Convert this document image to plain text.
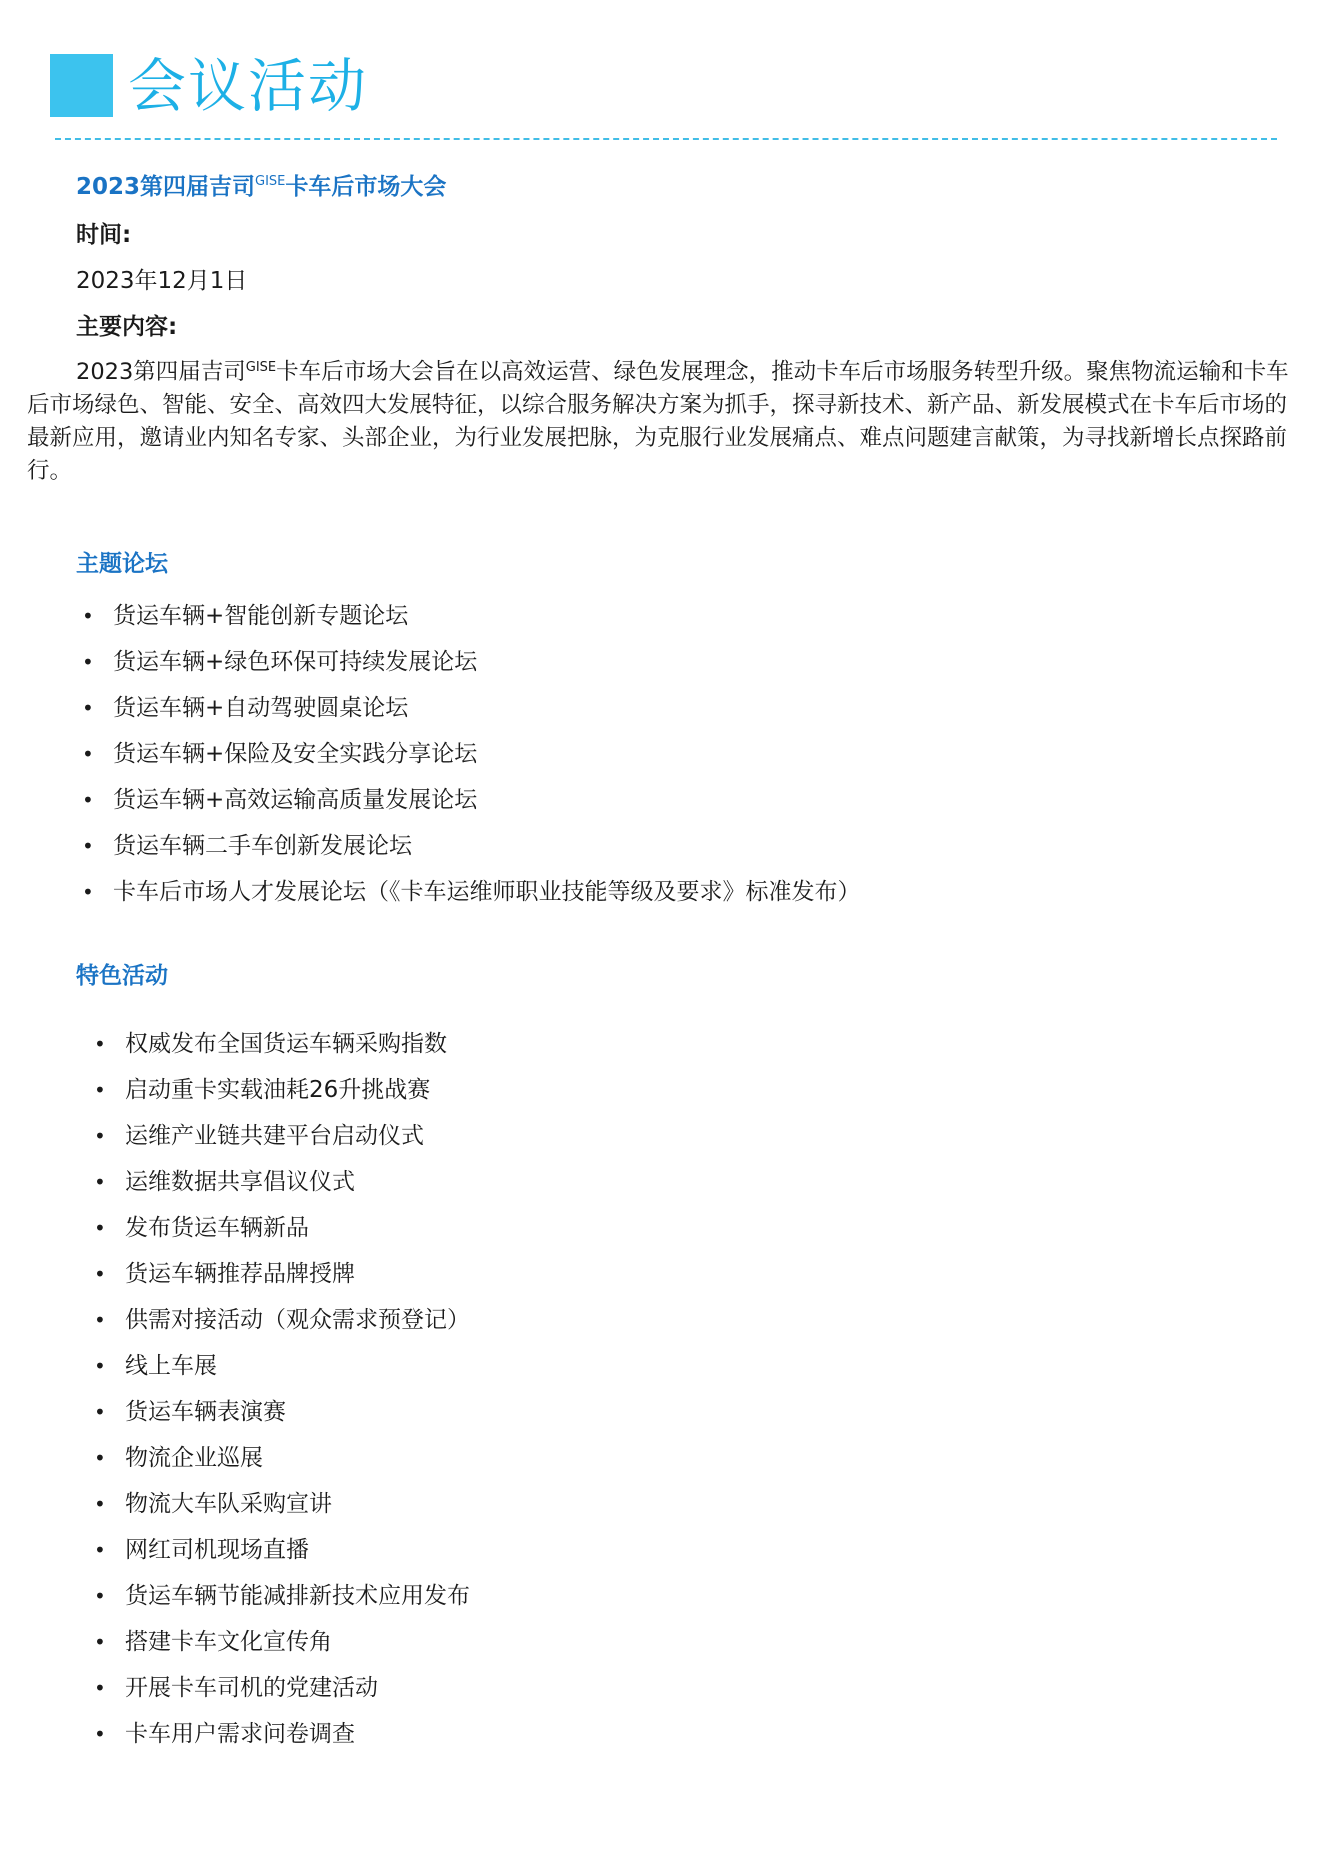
会议活动
2023第四届吉司$^{GISE}$卡车后市场大会
时间:
2023年12月1日
主要内容:

2023第四届吉司$^{GISE}$卡车后市场大会旨在以高效运营、绿色发展理念，推动卡车后市场服务转型升级。聚焦物流运输和卡车后市场绿色、智能、安全、高效四大发展特征，以综合服务解决方案为抓手，探寻新技术、新产品、新发展模式在卡车后市场的最新应用，邀请业内知名专家、头部企业，为行业发展把脉，为克服行业发展痛点、难点问题建言献策，为寻找新增长点探路前行。

主题论坛
• 货运车辆+智能创新专题论坛
• 货运车辆+绿色环保可持续发展论坛
• 货运车辆+自动驾驶圆桌论坛
• 货运车辆+保险及安全实践分享论坛
• 货运车辆+高效运输高质量发展论坛
• 货运车辆二手车创新发展论坛
• 卡车后市场人才发展论坛（《卡车运维师职业技能等级及要求》标准发布）
特色活动
• 权威发布全国货运车辆采购指数
• 启动重卡实载油耗26升挑战赛
• 运维产业链共建平台启动仪式
• 运维数据共享倡议仪式
• 发布货运车辆新品
• 货运车辆推荐品牌授牌
• 供需对接活动（观众需求预登记）
• 线上车展
• 货运车辆表演赛
• 物流企业巡展
• 物流大车队采购宣讲
• 网红司机现场直播
• 货运车辆节能减排新技术应用发布
• 搭建卡车文化宣传角
• 开展卡车司机的党建活动
• 卡车用户需求问卷调查
